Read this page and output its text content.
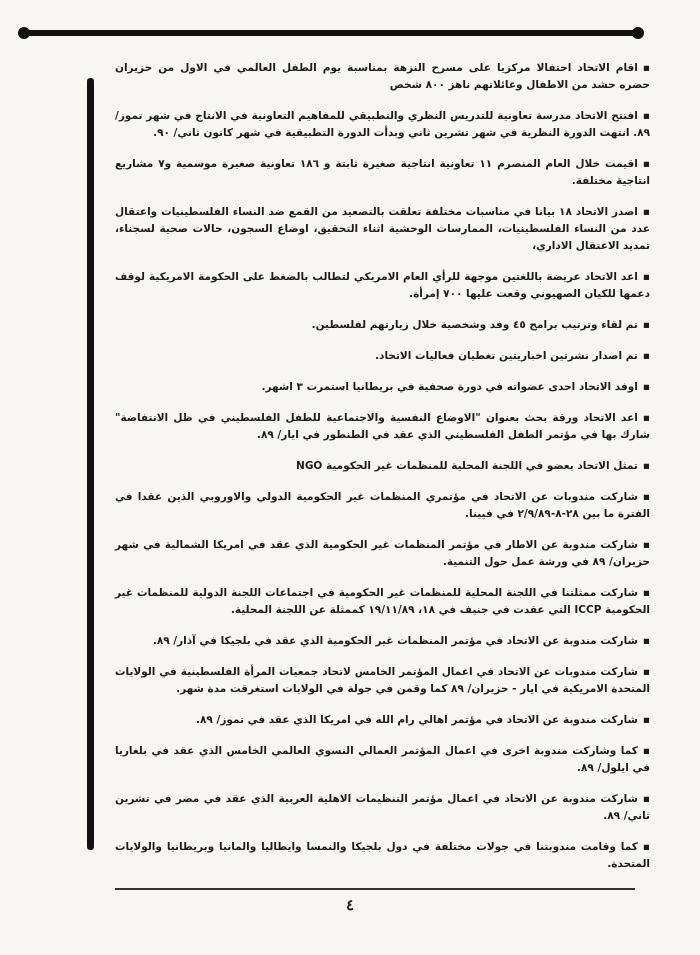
▪اقام الاتحاد احتفالا مركزيا على مسرح النزهة بمناسبة يوم الطفل العالمي في الاول من حزيران حضره حشد من الاطفال وعائلاتهم ناهز ٨٠٠ شخص

▪افتتح الاتحاد مدرسة تعاونية للتدريس النظري والتطبيقي للمفاهيم التعاونية في الانتاج في شهر تموز/ ٨٩. انتهت الدورة النظرية في شهر تشرين ثاني وبدأت الدورة التطبيقية في شهر كانون ثاني/ ٩٠.

▪اقيمت خلال العام المنصرم ١١ تعاونية انتاجية صغيرة ثابتة و ١٨٦ تعاونية صغيرة موسمية و٧ مشاريع انتاجية مختلفة.

▪اصدر الاتحاد ١٨ بيانا في مناسبات مختلفة تعلقت بالتصعيد من القمع ضد النساء الفلسطينيات واعتقال عدد من النساء الفلسطينيات، الممارسات الوحشية اثناء التحقيق، اوضاع السجون، حالات صحية لسجناء، تمديد الاعتقال الاداري،

▪اعد الاتحاد عريضة باللغتين موجهة للرأي العام الامريكي لتطالب بالضغط على الحكومة الامريكية لوقف دعمها للكيان الصهيوني وقعت عليها ٧٠٠ إمرأة.

▪تم لقاء وترتيب برامج ٤٥ وفد وشخصية خلال زيارتهم لفلسطين.

▪تم اصدار نشرتين اخباريتين تغطيان فعاليات الاتحاد.

▪اوفد الاتحاد احدى عضواته في دورة صحفية في بريطانيا استمرت ٣ اشهر.

▪اعد الاتحاد ورقة بحث بعنوان "الاوضاع النفسية والاجتماعية للطفل الفلسطيني في ظل الانتفاضة" شارك بها في مؤتمر الطفل الفلسطيني الذي عقد في الطنطور في ايار/ ٨٩.

▪تمثل الاتحاد بعضو في اللجنة المحلية للمنظمات غير الحكومية NGO

▪شاركت مندوبات عن الاتحاد في مؤتمري المنظمات غير الحكومية الدولي والاوروبي الذين عقدا في الفترة ما بين ٢٨-٨-٢/٩/٨٩ في فيينا.

▪شاركت مندوبة عن الاطار في مؤتمر المنظمات غير الحكومية الذي عقد في امريكا الشمالية في شهر حزيران/ ٨٩ في ورشة عمل حول التنمية.

▪شاركت ممثلتنا في اللجنة المحلية للمنظمات غير الحكومية في اجتماعات اللجنة الدولية للمنظمات غير الحكومية ICCP التي عقدت في جنيف في ١٨، ١٩/١١/٨٩ كممثلة عن اللجنة المحلية.

▪شاركت مندوبة عن الاتحاد في مؤتمر المنظمات غير الحكومية الذي عقد في بلجيكا في آذار/ ٨٩.

▪شاركت مندوبات عن الاتحاد في اعمال المؤتمر الخامس لاتحاد جمعيات المرأة الفلسطينية في الولايات المتحدة الامريكية في ايار - حزيران/ ٨٩ كما وقمن في جولة في الولايات استغرقت مدة شهر.

▪شاركت مندوبة عن الاتحاد في مؤتمر اهالي رام الله في امريكا الذي عقد في تموز/ ٨٩.

▪كما وشاركت مندوبة اخرى في اعمال المؤتمر العمالي النسوي العالمي الخامس الذي عقد في بلغاريا في ايلول/ ٨٩.

▪شاركت مندوبة عن الاتحاد في اعمال مؤتمر التنظيمات الاهلية العربية الذي عقد في مصر في تشرين ثاني/ ٨٩.

▪كما وقامت مندوبتنا في جولات مختلفة في دول بلجيكا والنمسا وايطاليا والمانيا وبريطانيا والولايات المتحدة.

٤
